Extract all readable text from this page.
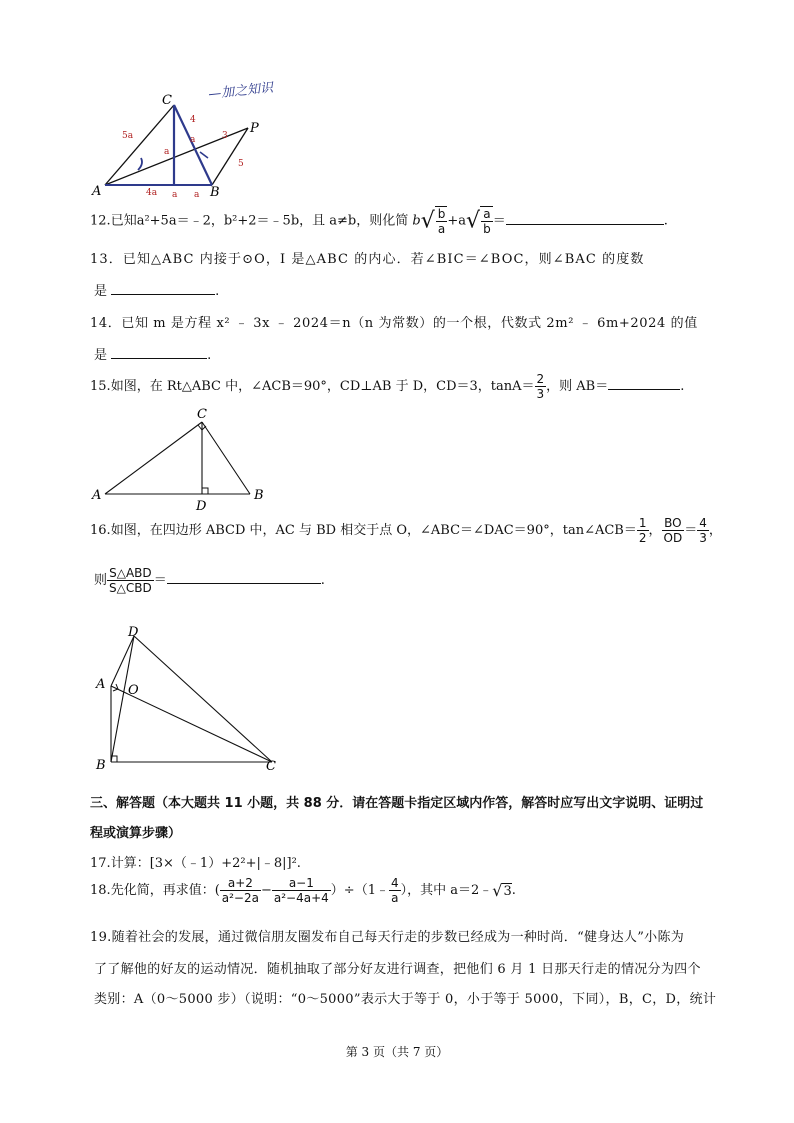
C
P
A	B
5a
a
a
4a a a
4
3
5
—加之知识
12.已知a²+5a＝﹣2，b²+2＝﹣5b，且 a≠b，则化简 $b√ \frac{b}{a} +a√ \frac{a}{b}$ ＝	.
13．已知△ABC 内接于⊙O，I 是△ABC 的内心．若∠BIC＝∠BOC，则∠BAC 的度数
是	.
14．已知 m 是方程 x² ﹣ 3x ﹣ 2024＝n（n 为常数）的一个根，代数式 2m² ﹣ 6m+2024 的值
是	.
15.如图，在 Rt△ABC 中，∠ACB＝90°，CD⊥AB 于 D，CD＝3，$\tan A= \frac{2}{3}$ ，则 AB＝	.
C
A	B
D
16.如图，在四边形 ABCD 中，AC 与 BD 相交于点 O，∠ABC＝∠DAC＝90°，tan∠ACB＝ $\frac{1}{2}$ ， $\frac{BO}{OD} = \frac{4}{3}$ ，
则 $\frac{\text{S△ABD}}{\text{S△CBD}}$ ＝	.
D
A O
B	C
三、解答题（本大题共 11 小题，共 88 分．请在答题卡指定区域内作答，解答时应写出文字说明、证明过
程或演算步骤）
17.计算：[3×（﹣1）+2²+|﹣8|]².
18.先化简，再求值：( $\frac{a+2}{\text{a²−2a}} - \frac{a-1}{\text{a²−4a+4}}$ ）÷（1﹣ $\frac{4}{a}$ ），其中 a＝2﹣√3.
19.随着社会的发展，通过微信朋友圈发布自己每天行走的步数已经成为一种时尚．“健身达人”小陈为
了了解他的好友的运动情况．随机抽取了部分好友进行调查，把他们 6 月 1 日那天行走的情况分为四个
类别：A（0～5000 步）（说明：“0～5000”表示大于等于 0，小于等于 5000，下同），B，C，D，统计
第 3 页（共 7 页）
